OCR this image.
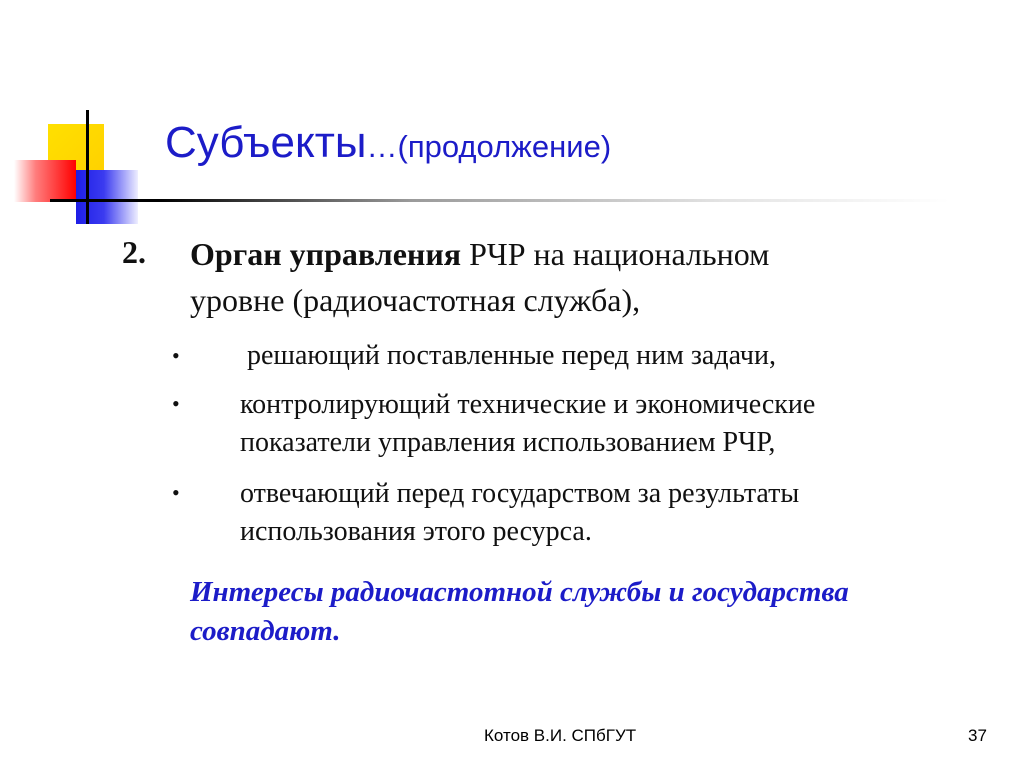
Субъекты…(продолжение)
2. Орган управления РЧР на национальном
уровне (радиочастотная служба),
• решающий поставленные перед ним задачи,
• контролирующий технические и экономические
показатели управления использованием РЧР,
• отвечающий перед государством за результаты
использования этого ресурса.
Интересы радиочастотной службы и государства
совпадают.
Котов В.И. СПбГУТ	37
